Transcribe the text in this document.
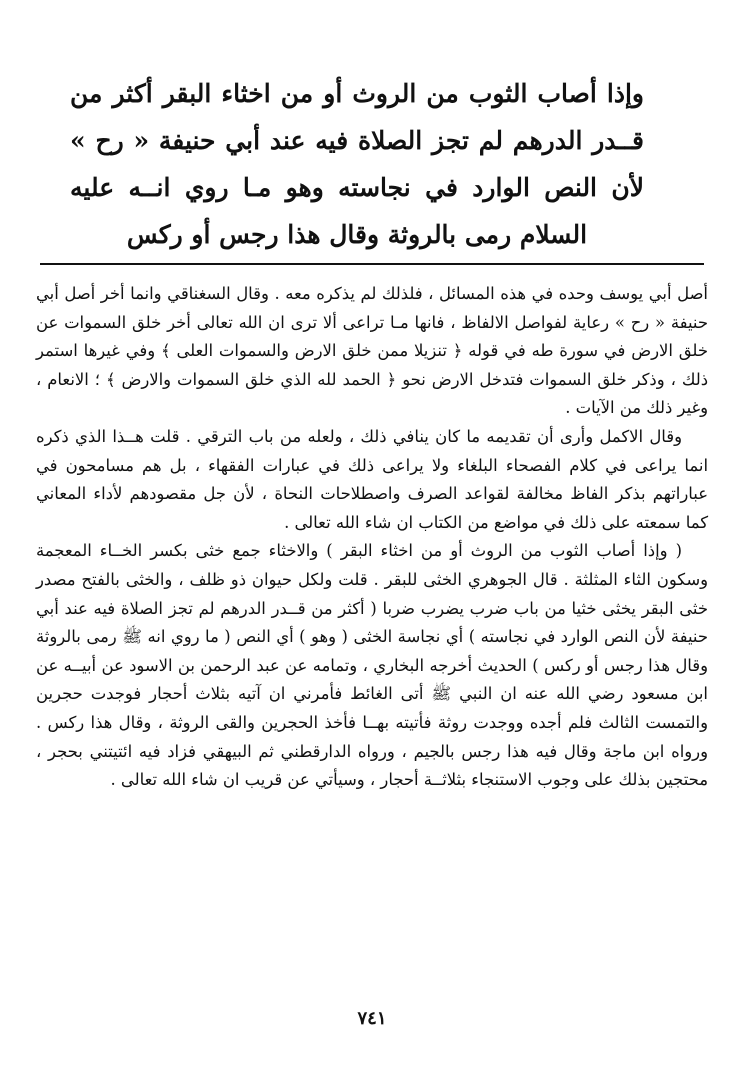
وإذا أصاب الثوب من الروث أو من اخثاء البقر أكثر من قــدر الدرهم لم تجز الصلاة فيه عند أبي حنيفة « رح » لأن النص الوارد في نجاسته وهو مـا روي انــه عليه السلام رمى بالروثة وقال هذا رجس أو ركس

أصل أبي يوسف وحده في هذه المسائل ، فلذلك لم يذكره معه . وقال السغناقي وانما أخر أصل أبي حنيفة « رح » رعاية لفواصل الالفاظ ، فانها مـا تراعى ألا ترى ان الله تعالى أخر خلق السموات عن خلق الارض في سورة طه في قوله ﴿ تنزيلا ممن خلق الارض والسموات العلى ﴾ وفي غيرها استمر ذلك ، وذكر خلق السموات فتدخل الارض نحو ﴿ الحمد لله الذي خلق السموات والارض ﴾ ؛ الانعام ، وغير ذلك من الآيات .

وقال الاكمل وأرى أن تقديمه ما كان ينافي ذلك ، ولعله من باب الترقي . قلت هــذا الذي ذكره انما يراعى في كلام الفصحاء البلغاء ولا يراعى ذلك في عبارات الفقهاء ، بل هم مسامحون في عباراتهم بذكر الفاظ مخالفة لقواعد الصرف واصطلاحات النحاة ، لأن جل مقصودهم لأداء المعاني كما سمعته على ذلك في مواضع من الكتاب ان شاء الله تعالى .

( وإذا أصاب الثوب من الروث أو من اخثاء البقر ) والاخثاء جمع خثى بكسر الخــاء المعجمة وسكون الثاء المثلثة . قال الجوهري الخثى للبقر . قلت ولكل حيوان ذو ظلف ، والخثى بالفتح مصدر خثى البقر يخثى خثيا من باب ضرب يضرب ضربا ( أكثر من قــدر الدرهم لم تجز الصلاة فيه عند أبي حنيفة لأن النص الوارد في نجاسته ) أي نجاسة الخثى ( وهو ) أي النص ( ما روي انه ﷺ رمى بالروثة وقال هذا رجس أو ركس ) الحديث أخرجه البخاري ، وتمامه عن عبد الرحمن بن الاسود عن أبيــه عن ابن مسعود رضي الله عنه ان النبي ﷺ أتى الغائط فأمرني ان آتيه بثلاث أحجار فوجدت حجرين والتمست الثالث فلم أجده ووجدت روثة فأتيته بهــا فأخذ الحجرين والقى الروثة ، وقال هذا ركس . ورواه ابن ماجة وقال فيه هذا رجس بالجيم ، ورواه الدارقطني ثم البيهقي فزاد فيه ائتيتني بحجر ، محتجين بذلك على وجوب الاستنجاء بثلاثــة أحجار ، وسيأتي عن قريب ان شاء الله تعالى .

٧٤١
